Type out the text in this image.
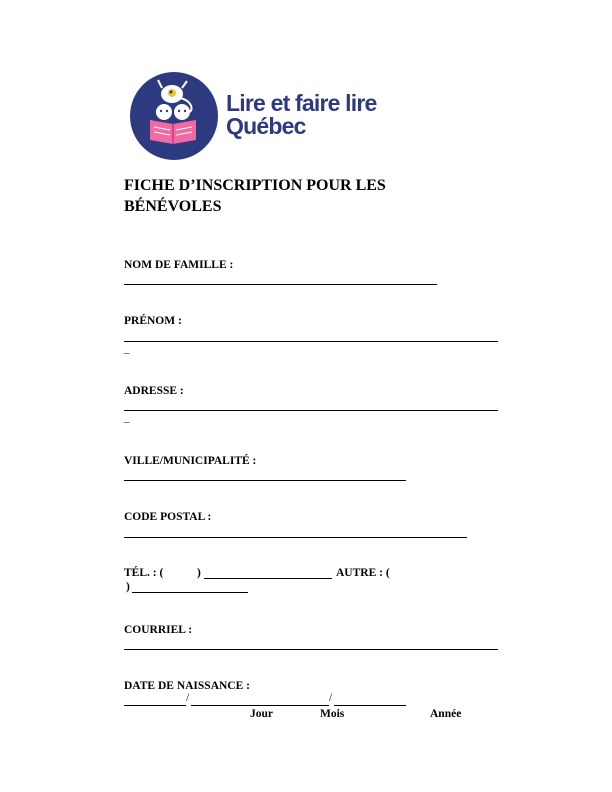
Lire et faire lire
Québec
FICHE D’INSCRIPTION POUR LES BÉNÉVOLES
NOM DE FAMILLE :
PRÉNOM :
_
ADRESSE :
_
VILLE/MUNICIPALITÉ :
CODE POSTAL :
TÉL. : (	)	AUTRE : (
)
COURRIEL :
DATE DE NAISSANCE :
/	/
Jour	Mois	Année
